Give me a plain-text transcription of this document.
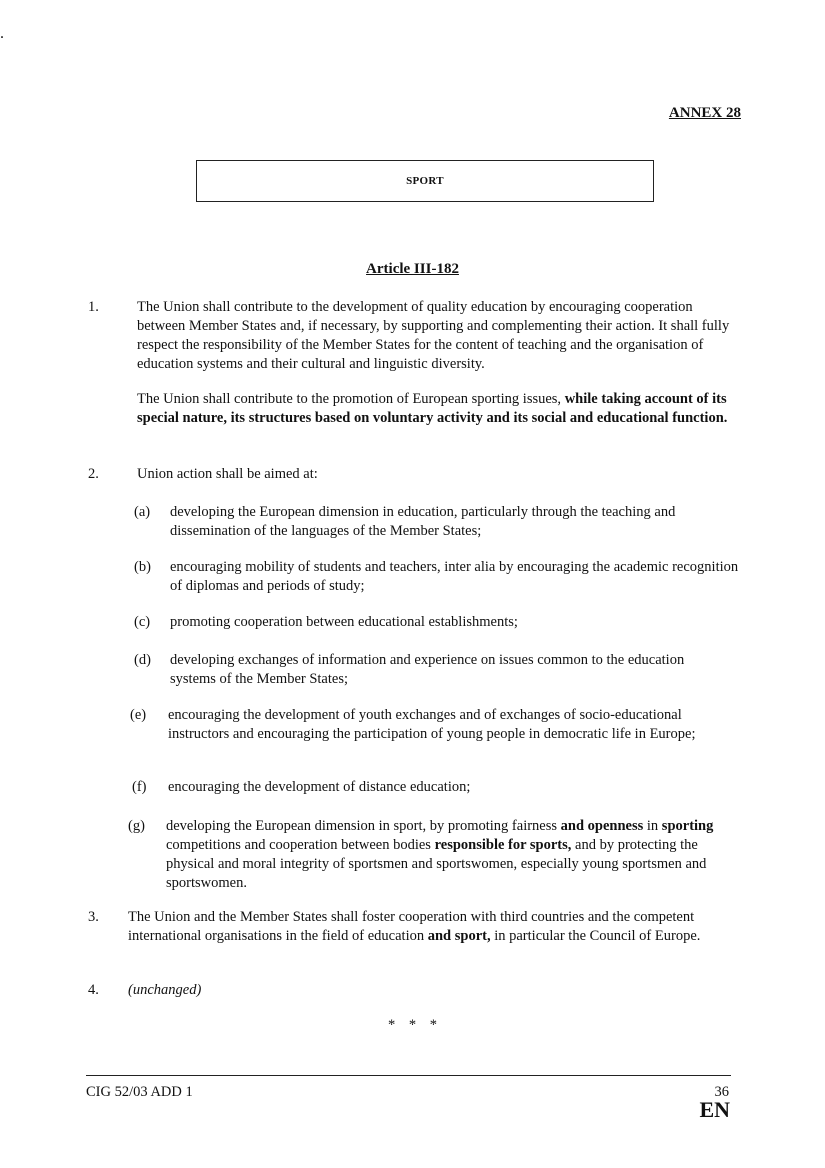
.
ANNEX 28
SPORT
Article III-182
1.	The Union shall contribute to the development of quality education by encouraging cooperation between Member States and, if necessary, by supporting and complementing their action. It shall fully respect the responsibility of the Member States for the content of teaching and the organisation of education systems and their cultural and linguistic diversity.
The Union shall contribute to the promotion of European sporting issues, while taking account of its special nature, its structures based on voluntary activity and its social and educational function.
2.	Union action shall be aimed at:
(a) developing the European dimension in education, particularly through the teaching and dissemination of the languages of the Member States;
(b) encouraging mobility of students and teachers, inter alia by encouraging the academic recognition of diplomas and periods of study;
(c) promoting cooperation between educational establishments;
(d) developing exchanges of information and experience on issues common to the education systems of the Member States;
(e) encouraging the development of youth exchanges and of exchanges of socio-educational instructors and encouraging the participation of young people in democratic life in Europe;
(f) encouraging the development of distance education;
(g) developing the European dimension in sport, by promoting fairness and openness in sporting competitions and cooperation between bodies responsible for sports, and by protecting the physical and moral integrity of sportsmen and sportswomen, especially young sportsmen and sportswomen.
3. The Union and the Member States shall foster cooperation with third countries and the competent international organisations in the field of education and sport, in particular the Council of Europe.
4. (unchanged)
* * *
CIG 52/03 ADD 1	36
EN
